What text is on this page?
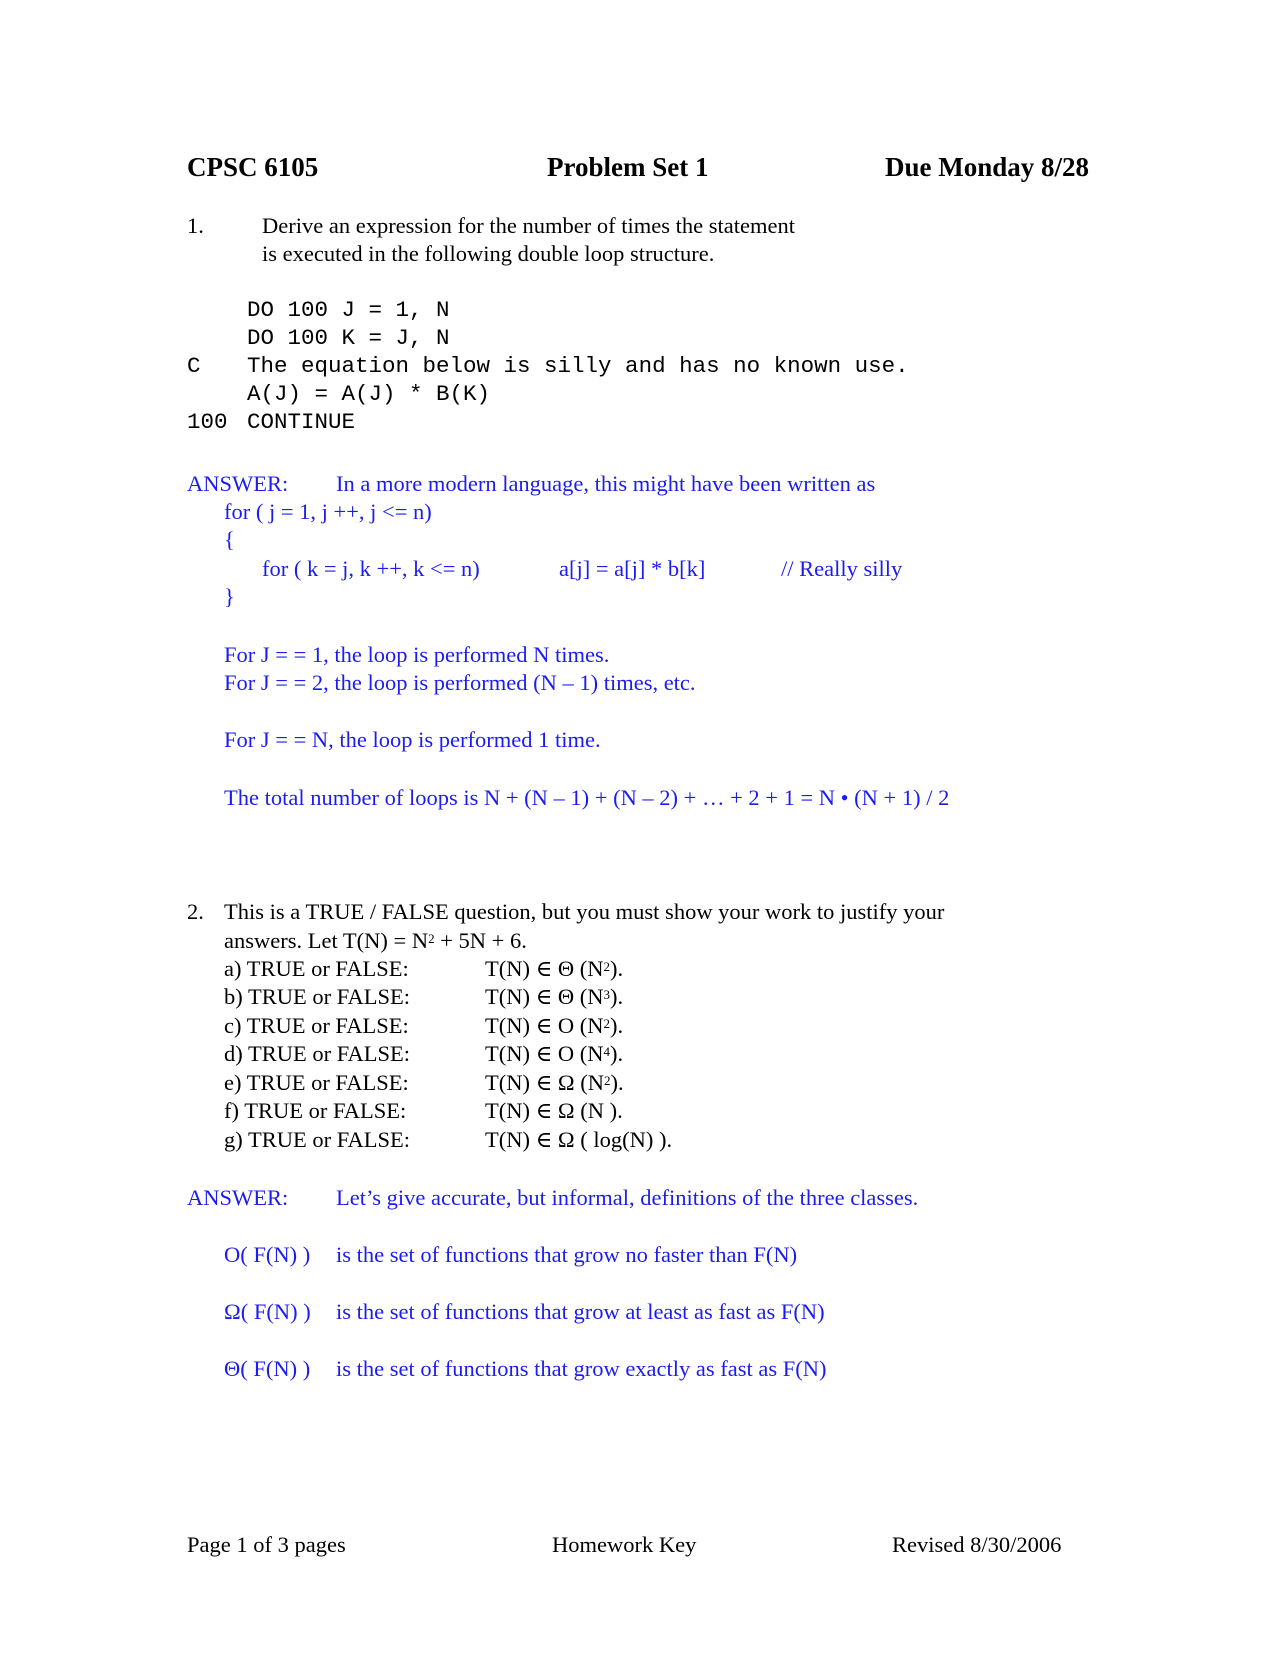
CPSC 6105	Problem Set 1	Due Monday 8/28
1.	Derive an expression for the number of times the statement
is executed in the following double loop structure.
DO 100 J = 1, N
DO 100 K = J, N
C The equation below is silly and has no known use.
A(J) = A(J) * B(K)
100 CONTINUE
ANSWER: In a more modern language, this might have been written as
for ( j = 1, j ++, j <= n)
{
for ( k = j, k ++, k <= n)	a[j] = a[j] * b[k]	// Really silly
}
For J = = 1, the loop is performed N times.
For J = = 2, the loop is performed (N – 1) times, etc.
For J = = N, the loop is performed 1 time.
The total number of loops is N + (N – 1) + (N – 2) + … + 2 + 1 = N • (N + 1) / 2
2. This is a TRUE / FALSE question, but you must show your work to justify your
answers. Let $T(N) = N^2 + 5N + 6$.
a) TRUE or FALSE:	T(N) ∈ Θ $(N^2)$.
b) TRUE or FALSE:	T(N) ∈ Θ $(N^3)$.
c) TRUE or FALSE:	T(N) ∈ O $(N^2)$.
d) TRUE or FALSE:	T(N) ∈ O $(N^4)$.
e) TRUE or FALSE:	T(N) ∈ Ω $(N^2)$.
f) TRUE or FALSE:	T(N) ∈ Ω (N ).
g) TRUE or FALSE:	T(N) ∈ Ω ( log(N) ).
ANSWER: Let’s give accurate, but informal, definitions of the three classes.
O( F(N) ) is the set of functions that grow no faster than F(N)
Ω( F(N) ) is the set of functions that grow at least as fast as F(N)
Θ( F(N) ) is the set of functions that grow exactly as fast as F(N)
Page 1 of 3 pages	Homework Key	Revised 8/30/2006
